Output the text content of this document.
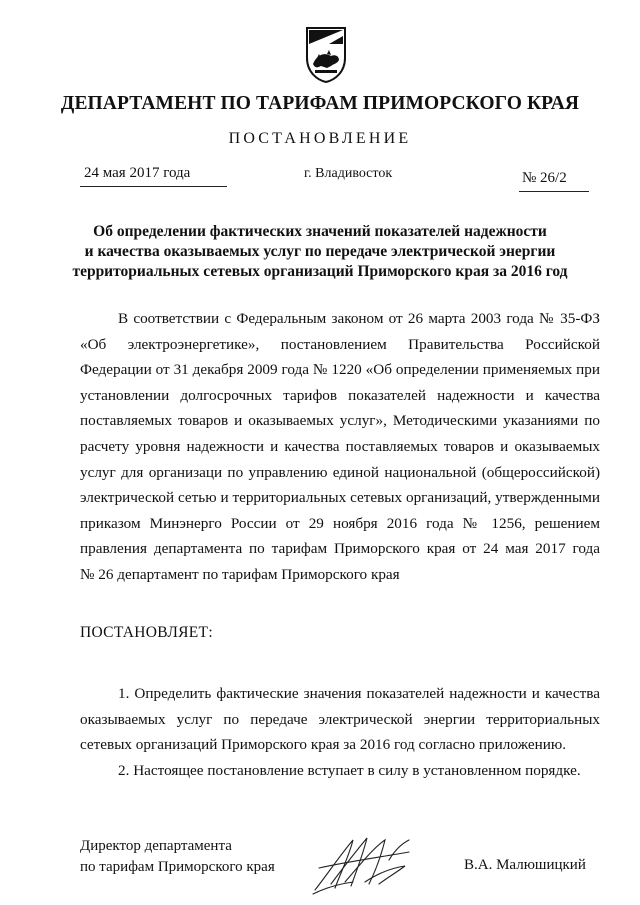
ДЕПАРТАМЕНТ ПО ТАРИФАМ ПРИМОРСКОГО КРАЯ
ПОСТАНОВЛЕНИЕ
24 мая 2017 года	г. Владивосток	№ 26/2
Об определении фактических значений показателей надежности
и качества оказываемых услуг по передаче электрической энергии
территориальных сетевых организаций Приморского края за 2016 год
В соответствии с Федеральным законом от 26 марта 2003 года № 35-ФЗ
«Об электроэнергетике», постановлением Правительства Российской
Федерации от 31 декабря 2009 года № 1220 «Об определении применяемых при
установлении долгосрочных тарифов показателей надежности и качества
поставляемых товаров и оказываемых услуг», Методическими указаниями по
расчету уровня надежности и качества поставляемых товаров и оказываемых
услуг для организаци по управлению единой национальной (общероссийской)
электрической сетью и территориальных сетевых организаций, утвержденными
приказом Минэнерго России от 29 ноября 2016 года № 1256, решением
правления департамента по тарифам Приморского края от 24 мая 2017 года
№ 26 департамент по тарифам Приморского края
ПОСТАНОВЛЯЕТ:
1. Определить фактические значения показателей надежности и качества
оказываемых услуг по передаче электрической энергии территориальных
сетевых организаций Приморского края за 2016 год согласно приложению.
2. Настоящее постановление вступает в силу в установленном порядке.
Директор департамента
по тарифам Приморского края	В.А. Малюшицкий
